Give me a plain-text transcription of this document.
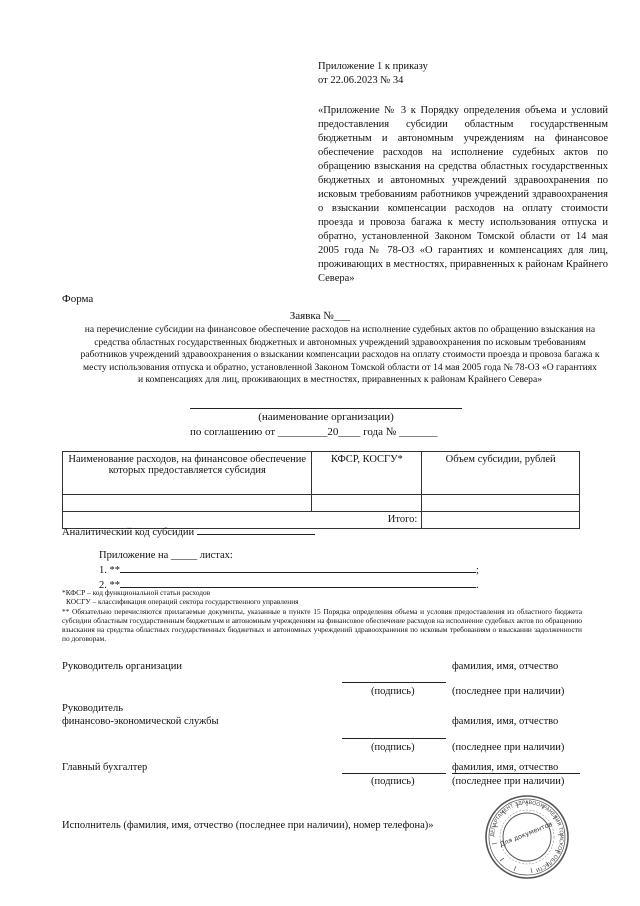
Приложение 1 к приказу
от 22.06.2023 № 34
«Приложение № 3 к Порядку определения объема и условий предоставления субсидии областным государственным бюджетным и автономным учреждениям на финансовое обеспечение расходов на исполнение судебных актов по обращению взыскания на средства областных государственных бюджетных и автономных учреждений здравоохранения по исковым требованиям работников учреждений здравоохранения о взыскании компенсации расходов на оплату стоимости проезда и провоза багажа к месту использования отпуска и обратно, установленной Законом Томской области от 14 мая 2005 года № 78-ОЗ «О гарантиях и компенсациях для лиц, проживающих в местностях, приравненных к районам Крайнего Севера»
Форма
Заявка №___
на перечисление субсидии на финансовое обеспечение расходов на исполнение судебных актов по обращению взыскания на средства областных государственных бюджетных и автономных учреждений здравоохранения по исковым требованиям работников учреждений здравоохранения о взыскании компенсации расходов на оплату стоимости проезда и провоза багажа к месту использования отпуска и обратно, установленной Законом Томской области от 14 мая 2005 года № 78-ОЗ «О гарантиях и компенсациях для лиц, проживающих в местностях, приравненных к районам Крайнего Севера»
(наименование организации)
по соглашению от _________20____ года № _______
Наименование расходов, на финансовое обеспечение которых предоставляется субсидия	КФСР, КОСГУ*	Объем субсидии, рублей

Итого:		
Аналитический код субсидии
Приложение на _____ листах:
1. **	;
2. **	.
*КФСР – код функциональной статьи расходов
КОСГУ – классификация операций сектора государственного управления
** Обязательно перечисляются прилагаемые документы, указанные в пункте 15 Порядка определения объема и условия предоставления из областного бюджета субсидии областным государственным бюджетным и автономным учреждениям на финансовое обеспечение расходов на исполнение судебных актов по обращению взыскания на средства областных государственных бюджетных и автономных учреждений здравоохранения по исковым требованиям о взыскании задолженности по договорам.
Руководитель организации	фамилия, имя, отчество
(подпись)	(последнее при наличии)
Руководитель
финансово-экономической службы	фамилия, имя, отчество
(подпись)	(последнее при наличии)
Главный бухгалтер	фамилия, имя, отчество
(подпись)	(последнее при наличии)
Исполнитель (фамилия, имя, отчество (последнее при наличии), номер телефона)»
ДЕПАРТАМЕНТ ЗДРАВООХРАНЕНИЯ ТОМСКОЙ ОБЛАСТИ
Для документов
